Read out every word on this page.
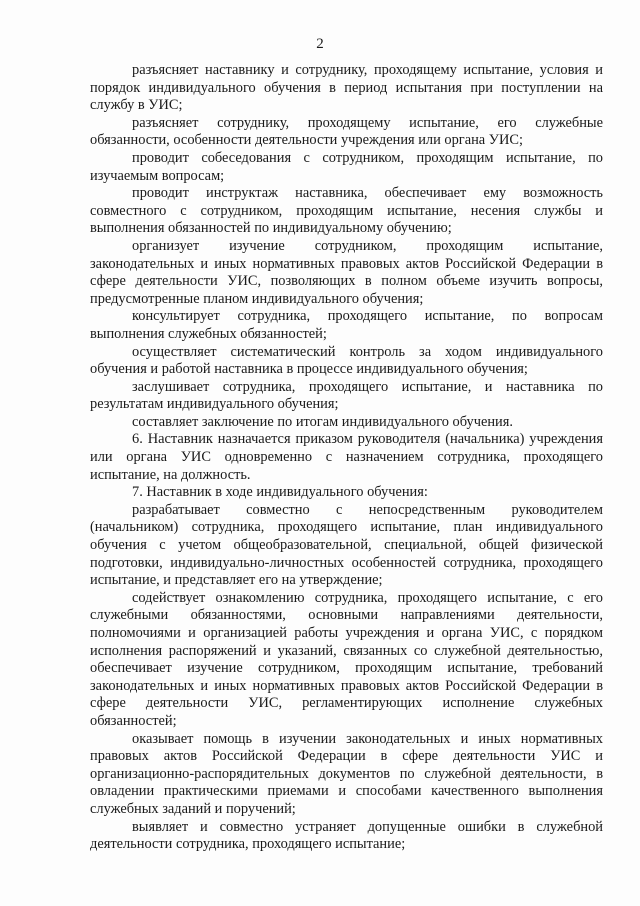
2

разъясняет наставнику и сотруднику, проходящему испытание, условия и порядок индивидуального обучения в период испытания при поступлении на службу в УИС;

разъясняет сотруднику, проходящему испытание, его служебные обязанности, особенности деятельности учреждения или органа УИС;

проводит собеседования с сотрудником, проходящим испытание, по изучаемым вопросам;

проводит инструктаж наставника, обеспечивает ему возможность совместного с сотрудником, проходящим испытание, несения службы и выполнения обязанностей по индивидуальному обучению;

организует изучение сотрудником, проходящим испытание, законодательных и иных нормативных правовых актов Российской Федерации в сфере деятельности УИС, позволяющих в полном объеме изучить вопросы, предусмотренные планом индивидуального обучения;

консультирует сотрудника, проходящего испытание, по вопросам выполнения служебных обязанностей;

осуществляет систематический контроль за ходом индивидуального обучения и работой наставника в процессе индивидуального обучения;

заслушивает сотрудника, проходящего испытание, и наставника по результатам индивидуального обучения;

составляет заключение по итогам индивидуального обучения.

6. Наставник назначается приказом руководителя (начальника) учреждения или органа УИС одновременно с назначением сотрудника, проходящего испытание, на должность.

7. Наставник в ходе индивидуального обучения:

разрабатывает совместно с непосредственным руководителем (начальником) сотрудника, проходящего испытание, план индивидуального обучения с учетом общеобразовательной, специальной, общей физической подготовки, индивидуально-личностных особенностей сотрудника, проходящего испытание, и представляет его на утверждение;

содействует ознакомлению сотрудника, проходящего испытание, с его служебными обязанностями, основными направлениями деятельности, полномочиями и организацией работы учреждения и органа УИС, с порядком исполнения распоряжений и указаний, связанных со служебной деятельностью, обеспечивает изучение сотрудником, проходящим испытание, требований законодательных и иных нормативных правовых актов Российской Федерации в сфере деятельности УИС, регламентирующих исполнение служебных обязанностей;

оказывает помощь в изучении законодательных и иных нормативных правовых актов Российской Федерации в сфере деятельности УИС и организационно-распорядительных документов по служебной деятельности, в овладении практическими приемами и способами качественного выполнения служебных заданий и поручений;

выявляет и совместно устраняет допущенные ошибки в служебной деятельности сотрудника, проходящего испытание;
